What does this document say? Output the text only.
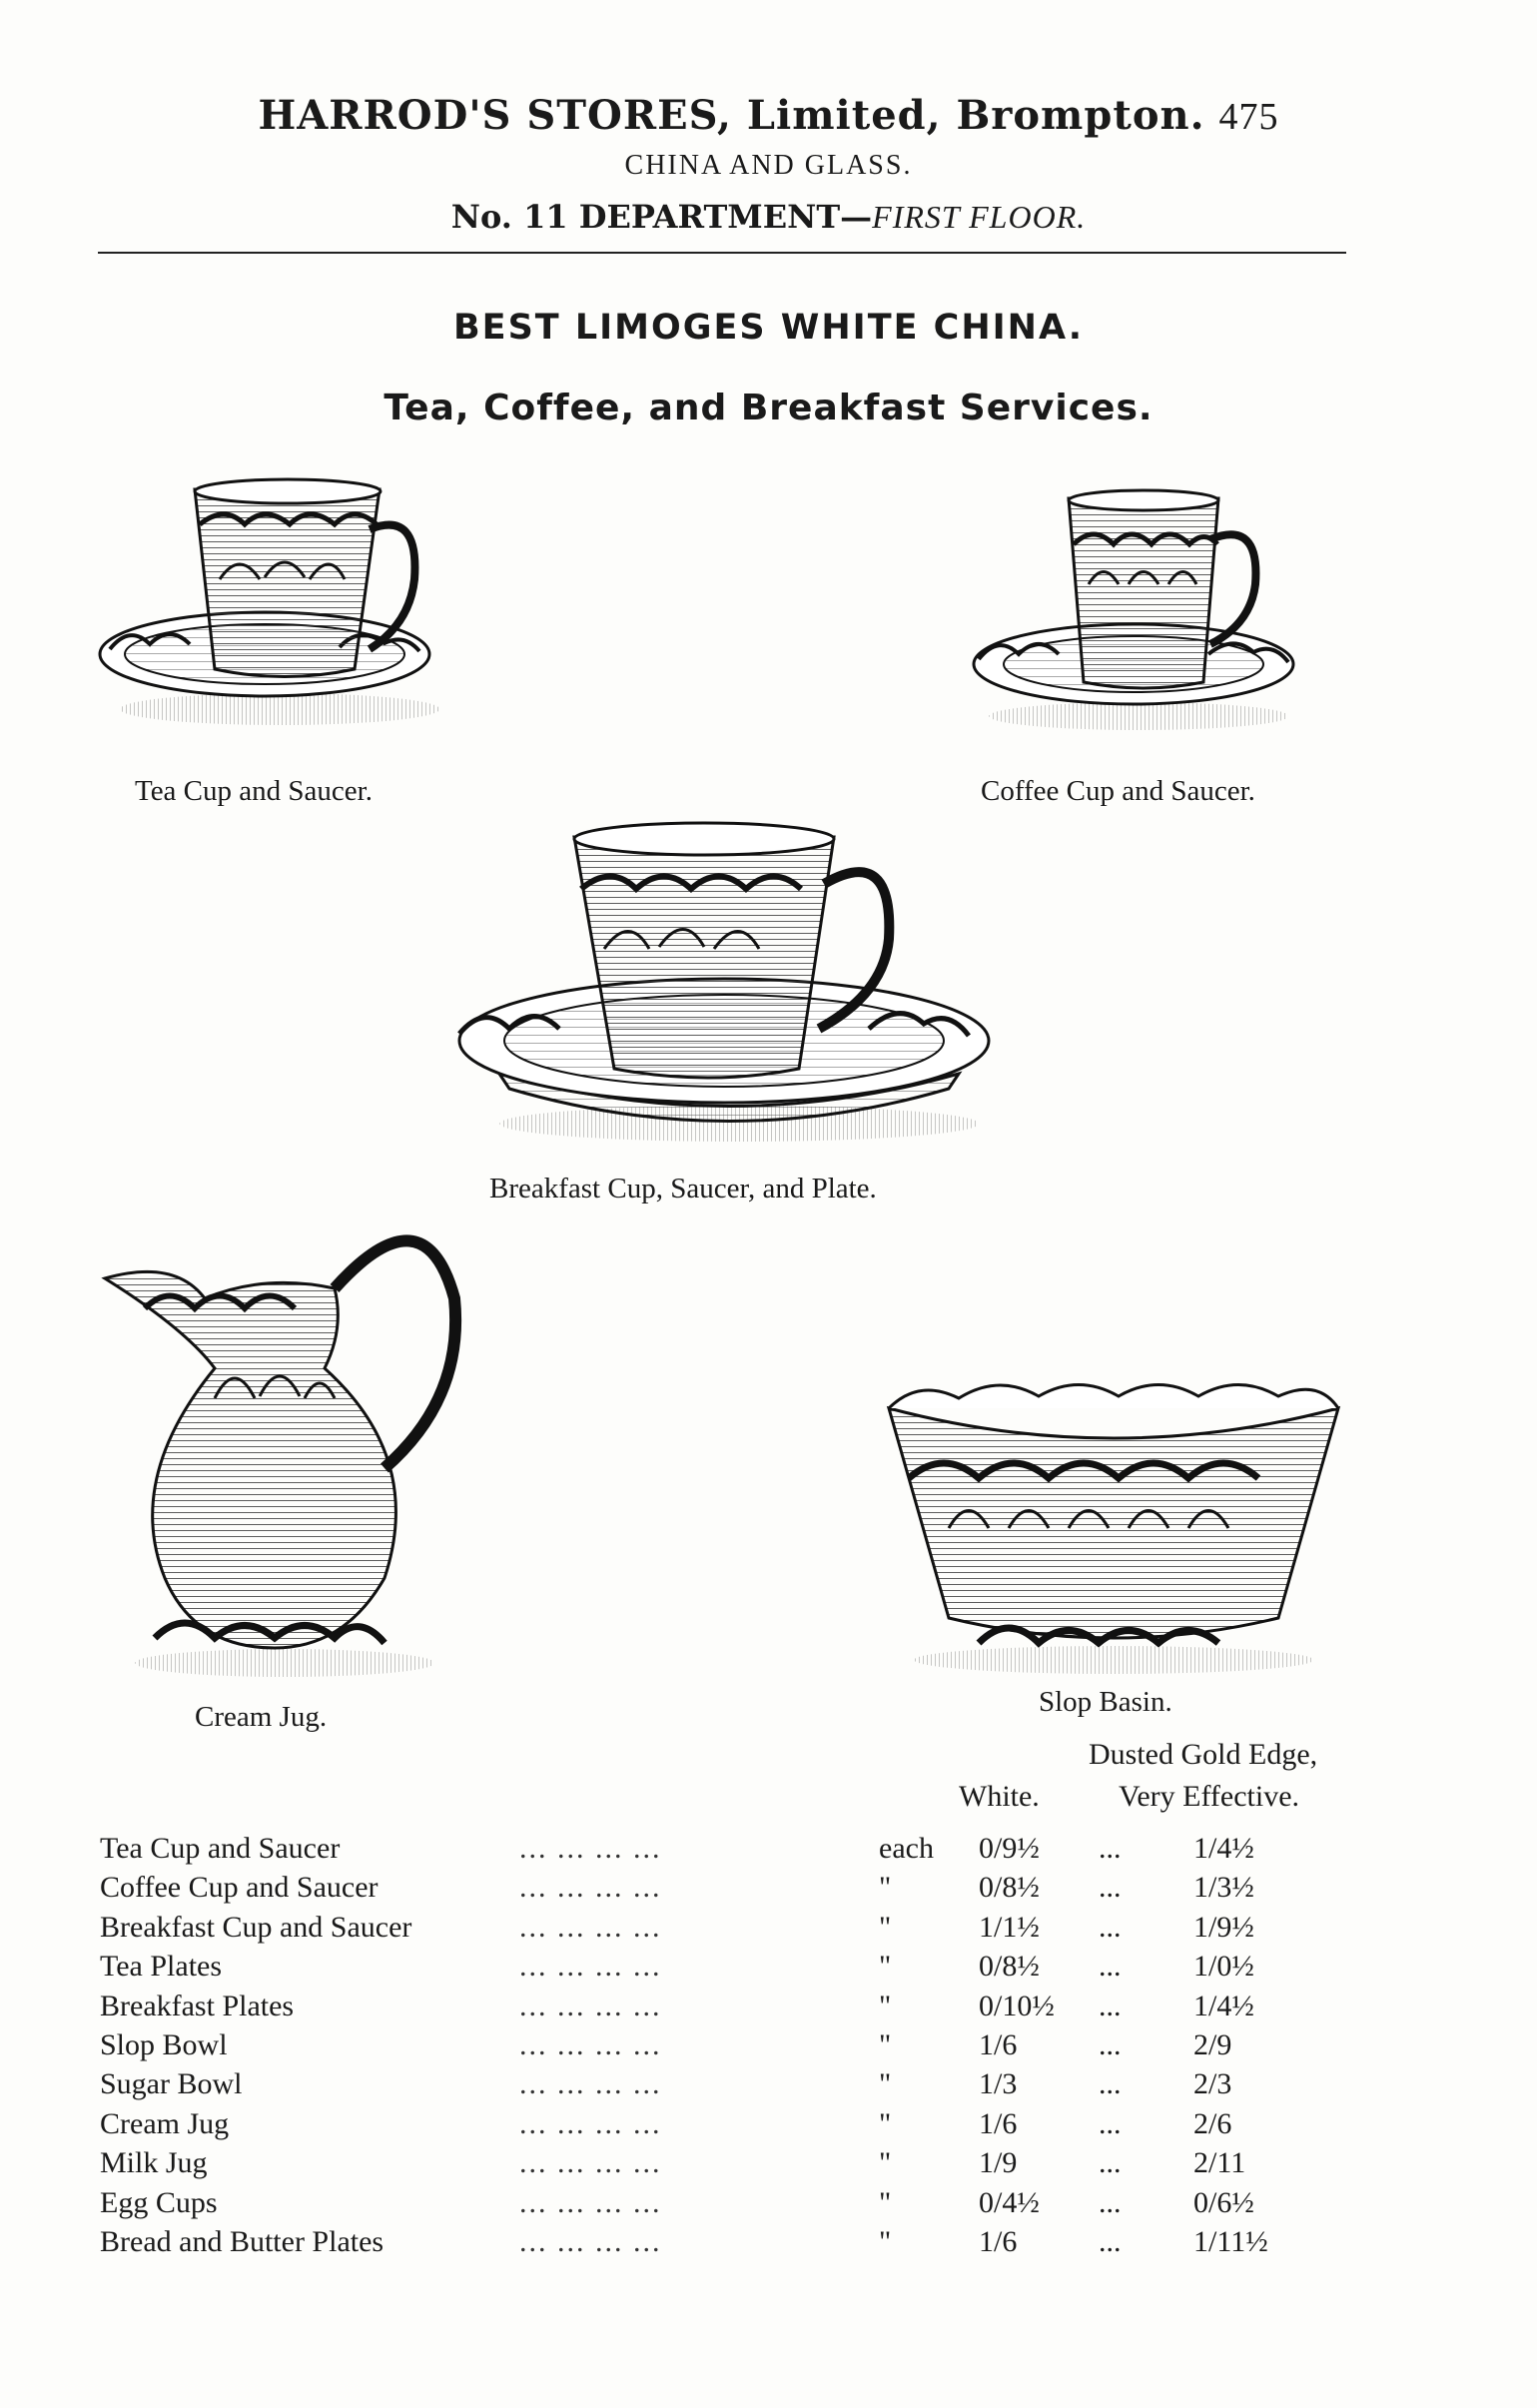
HARROD'S STORES, Limited, Brompton. 475
CHINA AND GLASS.
No. 11 DEPARTMENT—FIRST FLOOR.
BEST LIMOGES WHITE CHINA.
Tea, Coffee, and Breakfast Services.
Tea Cup and Saucer.	Coffee Cup and Saucer.
Breakfast Cup, Saucer, and Plate.
Cream Jug.	Slop Basin.
Dusted Gold Edge,
White.	Very Effective.
Tea Cup and Saucer	... ... ... ...	each 0/9½ ... 1/4½
Coffee Cup and Saucer	... ... ... ...	"	0/8½ ... 1/3½
Breakfast Cup and Saucer	... ... ... ...	"	1/1½ ... 1/9½
Tea Plates	... ... ... ...	"	0/8½ ... 1/0½
Breakfast Plates	... ... ... ...	"	0/10½ ... 1/4½
Slop Bowl	... ... ... ...	"	1/6	... 2/9
Sugar Bowl	... ... ... ...	"	1/3	... 2/3
Cream Jug	... ... ... ...	"	1/6	... 2/6
Milk Jug	... ... ... ...	"	1/9	... 2/11
Egg Cups	... ... ... ...	"	0/4½ ... 0/6½
Bread and Butter Plates	... ... ... ...	"	1/6	... 1/11½
